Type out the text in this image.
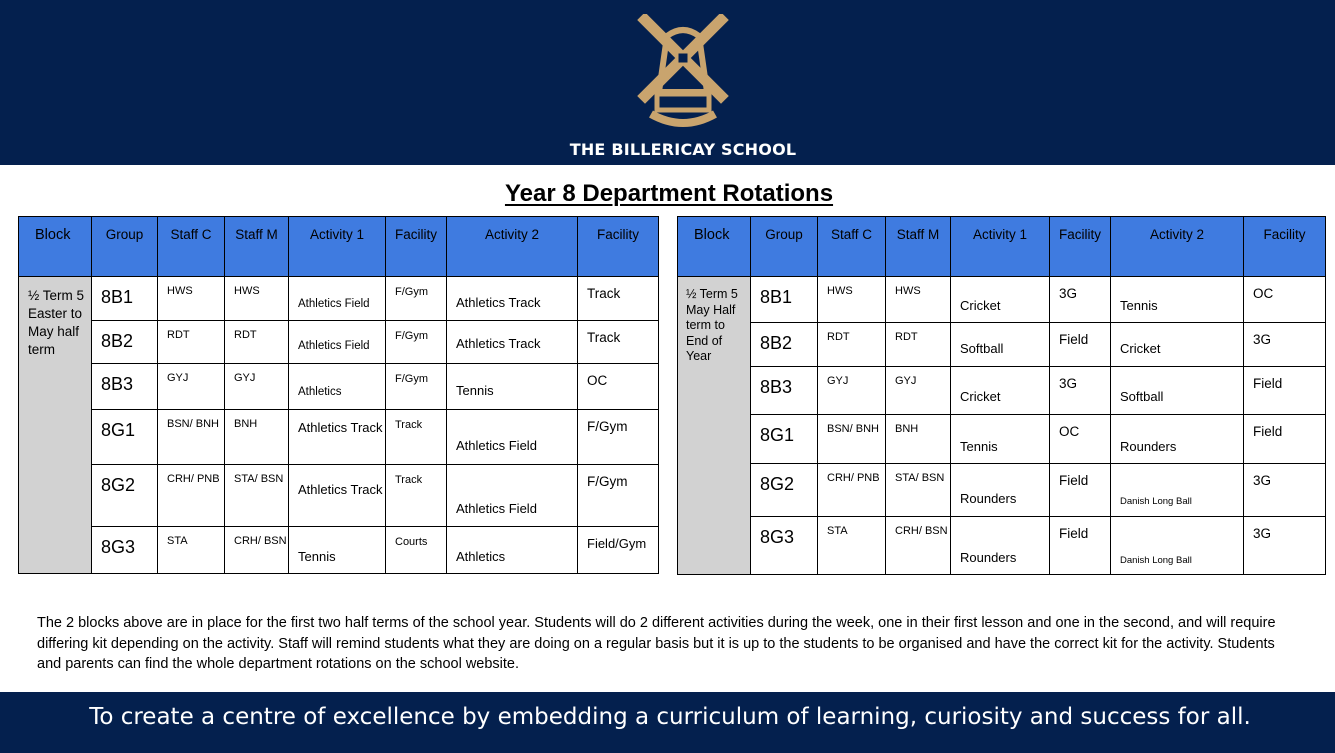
THE BILLERICAY SCHOOL
Year 8 Department Rotations
Block	Group	Staff C	Staff M	Activity 1	Facility	Activity 2	Facility
½ Term 5 Easter to May half term	8B1	HWS	HWS	Athletics Field	F/Gym	Athletics Track	Track
	8B2	RDT	RDT	Athletics Field	F/Gym	Athletics Track	Track
	8B3	GYJ	GYJ	Athletics	F/Gym	Tennis	OC
	8G1	BSN/ BNH	BNH	Athletics Track	Track	Athletics Field	F/Gym
	8G2	CRH/ PNB	STA/ BSN	Athletics Track	Track	Athletics Field	F/Gym
	8G3	STA	CRH/ BSN	Tennis	Courts	Athletics	Field/Gym
Block	Group	Staff C	Staff M	Activity 1	Facility	Activity 2	Facility
½ Term 5 May Half term to End of Year	8B1	HWS	HWS	Cricket	3G	Tennis	OC
	8B2	RDT	RDT	Softball	Field	Cricket	3G
	8B3	GYJ	GYJ	Cricket	3G	Softball	Field
	8G1	BSN/ BNH	BNH	Tennis	OC	Rounders	Field
	8G2	CRH/ PNB	STA/ BSN	Rounders	Field	Danish Long Ball	3G
	8G3	STA	CRH/ BSN	Rounders	Field	Danish Long Ball	3G
The 2 blocks above are in place for the first two half terms of the school year. Students will do 2 different activities during the week, one in their first lesson and one in the second, and will require differing kit depending on the activity. Staff will remind students what they are doing on a regular basis but it is up to the students to be organised and have the correct kit for the activity. Students and parents can find the whole department rotations on the school website.
To create a centre of excellence by embedding a curriculum of learning, curiosity and success for all.
